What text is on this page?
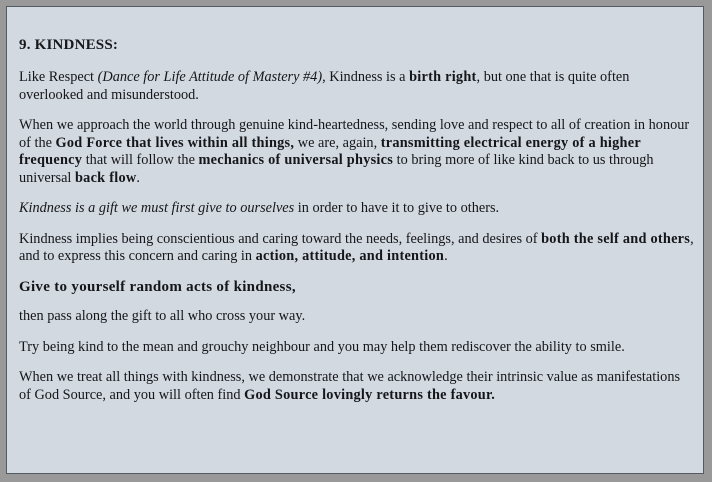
9. KINDNESS:

Like Respect (Dance for Life Attitude of Mastery #4), Kindness is a birth right, but one that is quite often overlooked and misunderstood.

When we approach the world through genuine kind-heartedness, sending love and respect to all of creation in honour of the God Force that lives within all things, we are, again, transmitting electrical energy of a higher frequency that will follow the mechanics of universal physics to bring more of like kind back to us through universal back flow.

Kindness is a gift we must first give to ourselves in order to have it to give to others.

Kindness implies being conscientious and caring toward the needs, feelings, and desires of both the self and others, and to express this concern and caring in action, attitude, and intention.

Give to yourself random acts of kindness,

then pass along the gift to all who cross your way.

Try being kind to the mean and grouchy neighbour and you may help them rediscover the ability to smile.

When we treat all things with kindness, we demonstrate that we acknowledge their intrinsic value as manifestations of God Source, and you will often find God Source lovingly returns the favour.
